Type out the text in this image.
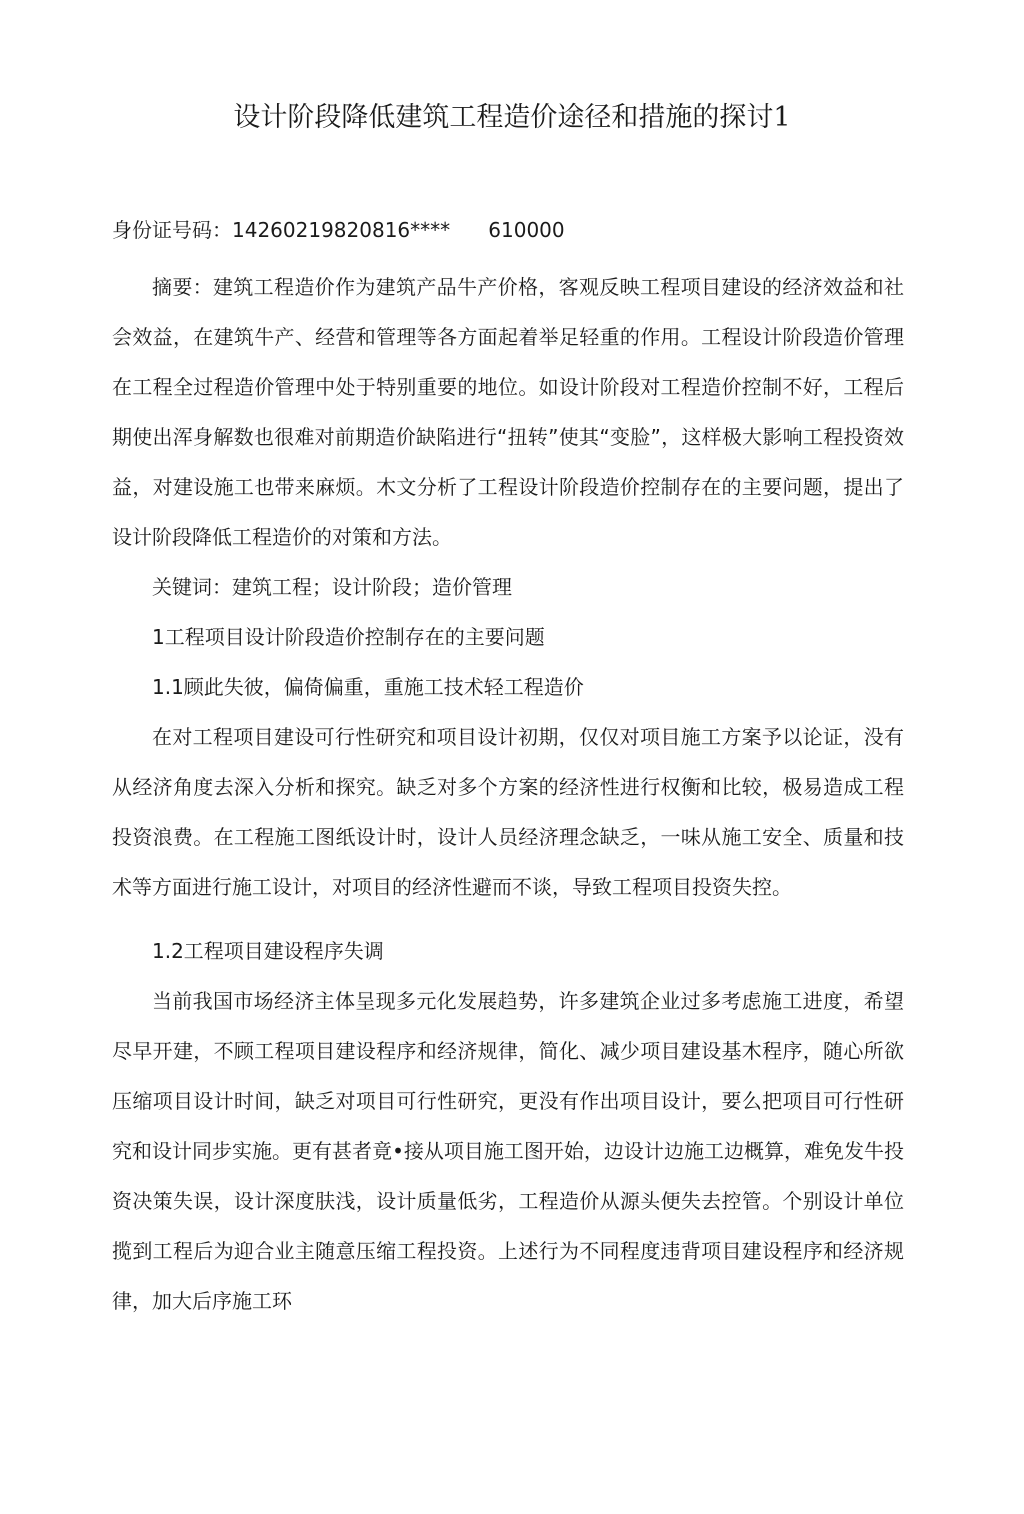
设计阶段降低建筑工程造价途径和措施的探讨1
身份证号码：14260219820816****      610000

摘要：建筑工程造价作为建筑产品牛产价格，客观反映工程项目建设的经济效益和社会效益，在建筑牛产、经营和管理等各方面起着举足轻重的作用。工程设计阶段造价管理在工程全过程造价管理中处于特别重要的地位。如设计阶段对工程造价控制不好，工程后期使出浑身解数也很难对前期造价缺陷进行“扭转”使其“变脸”，这样极大影响工程投资效益，对建设施工也带来麻烦。木文分析了工程设计阶段造价控制存在的主要问题，提出了设计阶段降低工程造价的对策和方法。

关键词：建筑工程；设计阶段；造价管理

1工程项目设计阶段造价控制存在的主要问题

1.1顾此失彼，偏倚偏重，重施工技术轻工程造价

在对工程项目建设可行性研究和项目设计初期，仅仅对项目施工方案予以论证，没有从经济角度去深入分析和探究。缺乏对多个方案的经济性进行权衡和比较，极易造成工程投资浪费。在工程施工图纸设计时，设计人员经济理念缺乏，一味从施工安全、质量和技术等方面进行施工设计，对项目的经济性避而不谈，导致工程项目投资失控。

1.2工程项目建设程序失调

当前我国市场经济主体呈现多元化发展趋势，许多建筑企业过多考虑施工进度，希望尽早开建，不顾工程项目建设程序和经济规律，简化、减少项目建设基木程序，随心所欲压缩项目设计时间，缺乏对项目可行性研究，更没有作出项目设计，要么把项目可行性研究和设计同步实施。更有甚者竟•接从项目施工图开始，边设计边施工边概算，难免发牛投资决策失误，设计深度肤浅，设计质量低劣，工程造价从源头便失去控管。个别设计单位揽到工程后为迎合业主随意压缩工程投资。上述行为不同程度违背项目建设程序和经济规律，加大后序施工环
